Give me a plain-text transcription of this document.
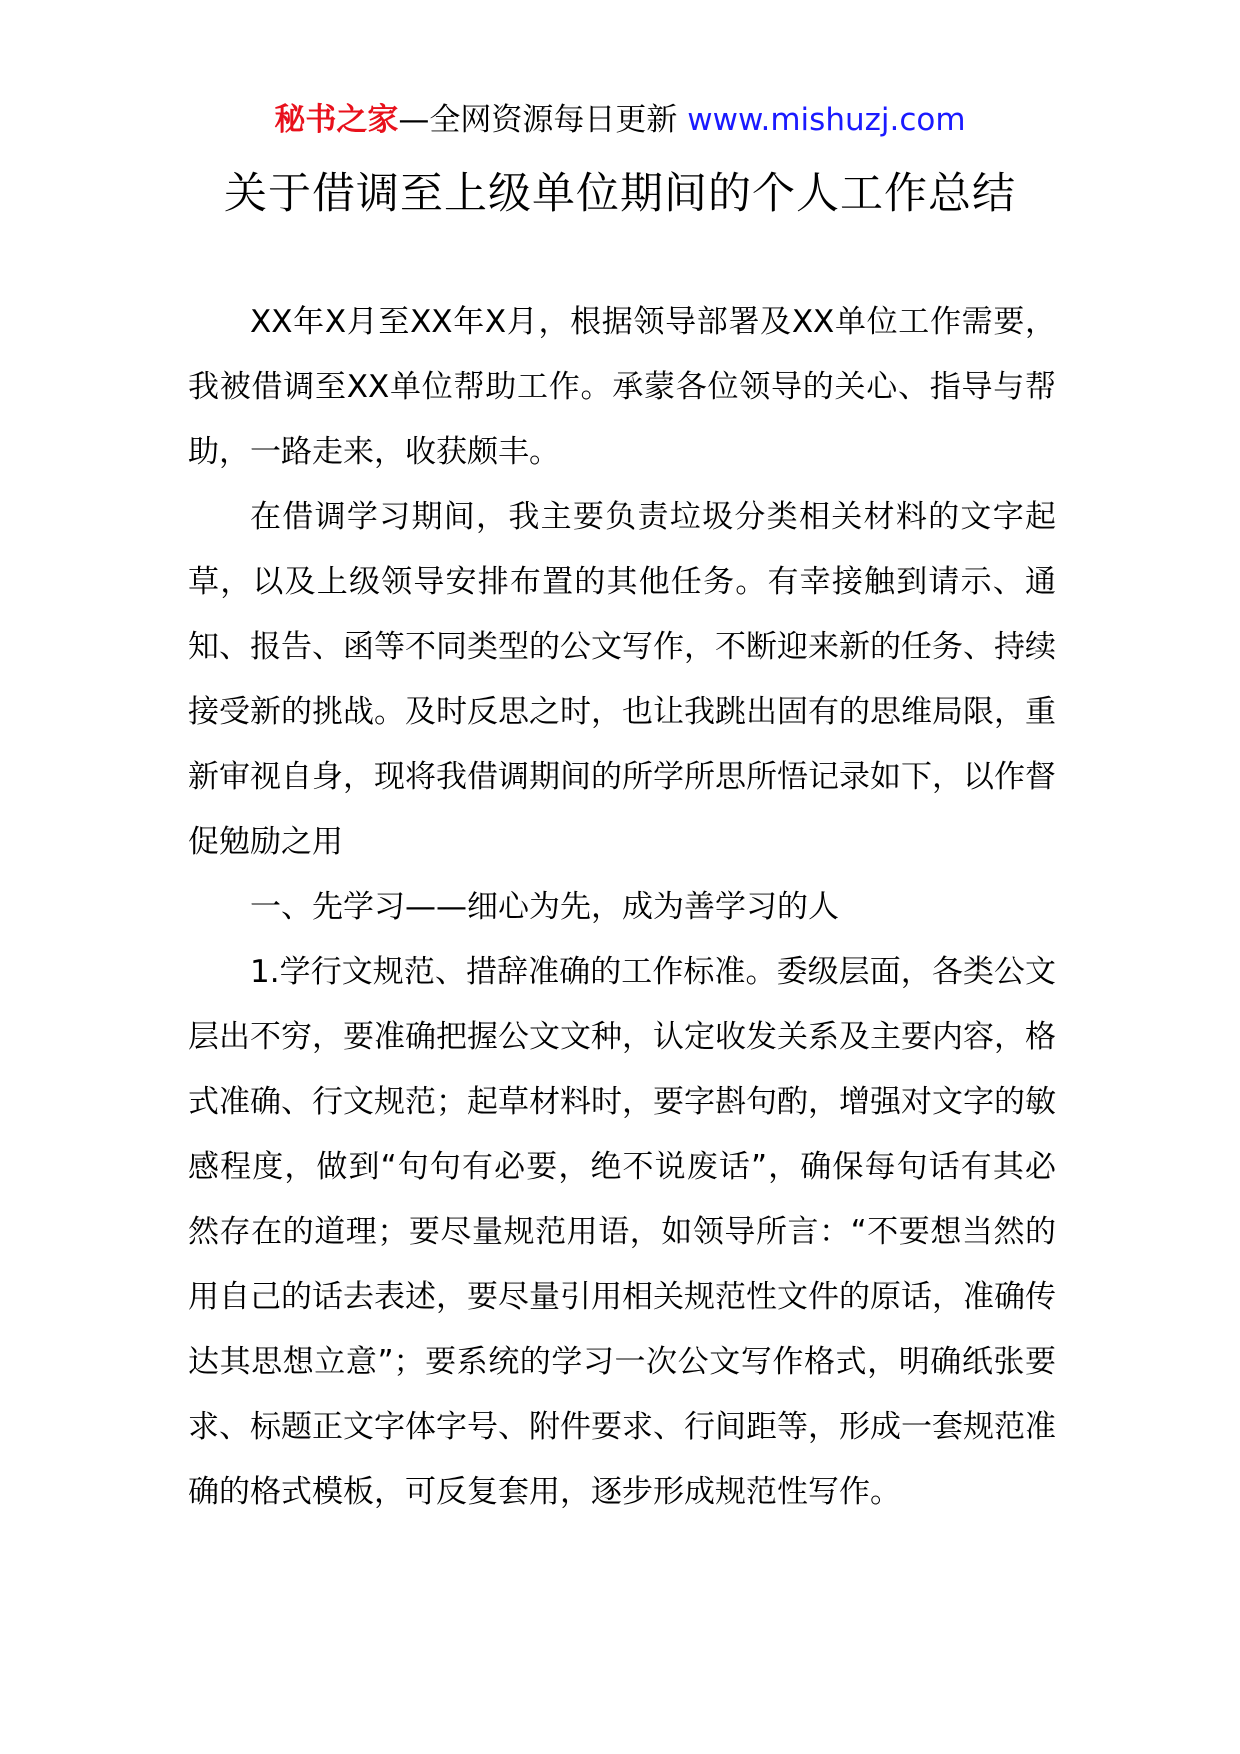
秘书之家—全网资源每日更新 www.mishuzj.com
关于借调至上级单位期间的个人工作总结

XX年X月至XX年X月，根据领导部署及XX单位工作需要，我被借调至XX单位帮助工作。承蒙各位领导的关心、指导与帮助，一路走来，收获颇丰。

在借调学习期间，我主要负责垃圾分类相关材料的文字起草，以及上级领导安排布置的其他任务。有幸接触到请示、通知、报告、函等不同类型的公文写作，不断迎来新的任务、持续接受新的挑战。及时反思之时，也让我跳出固有的思维局限，重新审视自身，现将我借调期间的所学所思所悟记录如下，以作督促勉励之用

一、先学习——细心为先，成为善学习的人

1.学行文规范、措辞准确的工作标准。委级层面，各类公文层出不穷，要准确把握公文文种，认定收发关系及主要内容，格式准确、行文规范；起草材料时，要字斟句酌，增强对文字的敏感程度，做到“句句有必要，绝不说废话”，确保每句话有其必然存在的道理；要尽量规范用语，如领导所言：“不要想当然的用自己的话去表述，要尽量引用相关规范性文件的原话，准确传达其思想立意”；要系统的学习一次公文写作格式，明确纸张要求、标题正文字体字号、附件要求、行间距等，形成一套规范准确的格式模板，可反复套用，逐步形成规范性写作。
